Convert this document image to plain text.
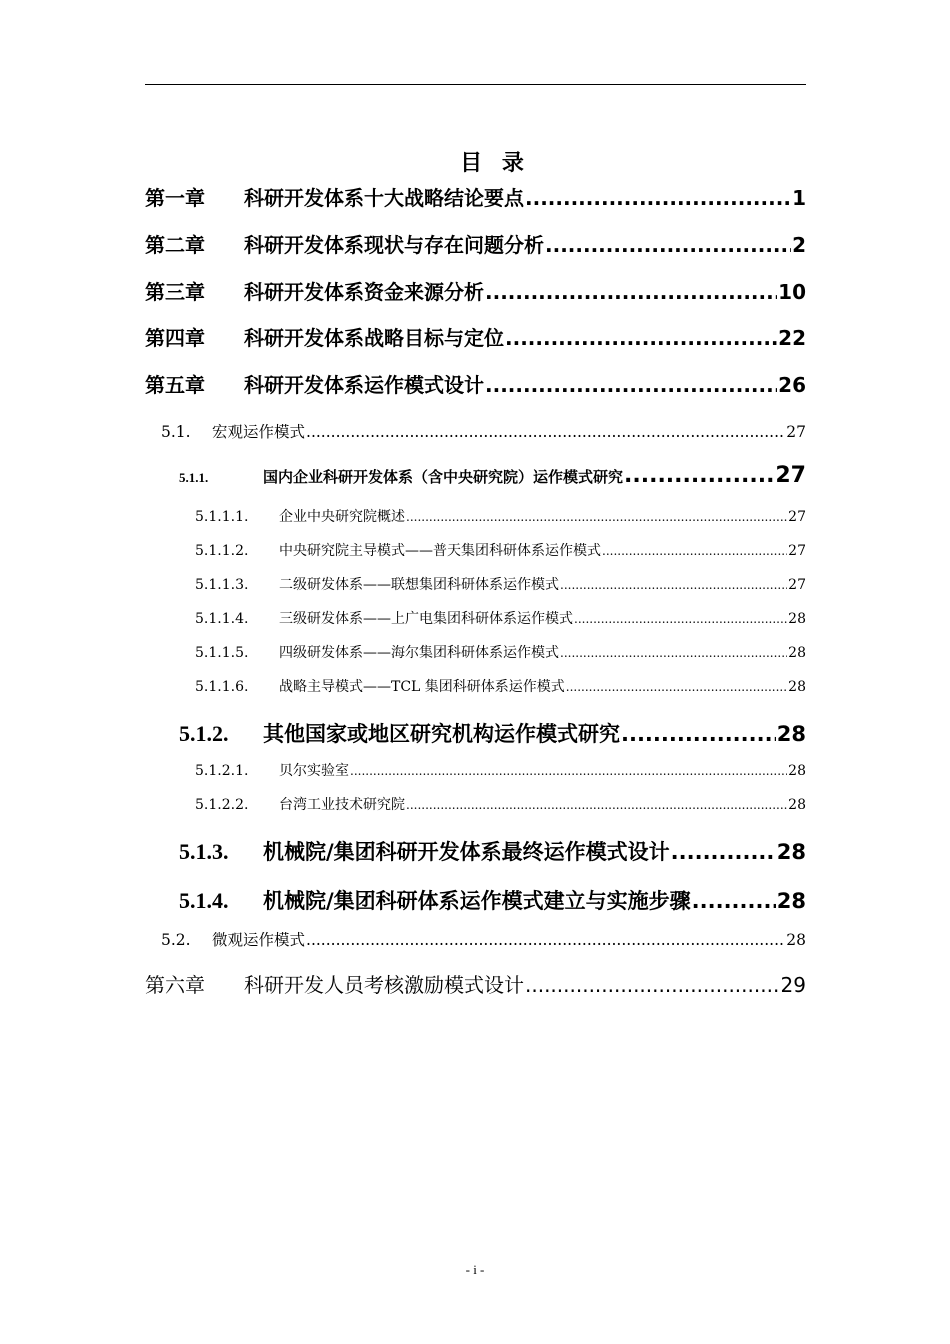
目 录
第一章	科研开发体系十大战略结论要点 .....	1
第二章	科研开发体系现状与存在问题分析 .....	2
第三章	科研开发体系资金来源分析 .....	10
第四章	科研开发体系战略目标与定位 .....	22
第五章	科研开发体系运作模式设计 .....	26
5.1.	宏观运作模式 .....	27
5.1.1.	国内企业科研开发体系（含中央研究院）运作模式研究 .....	27
5.1.1.1.	企业中央研究院概述 .....	27
5.1.1.2.	中央研究院主导模式——普天集团科研体系运作模式 .....	27
5.1.1.3.	二级研发体系——联想集团科研体系运作模式 .....	27
5.1.1.4.	三级研发体系——上广电集团科研体系运作模式 .....	28
5.1.1.5.	四级研发体系——海尔集团科研体系运作模式 .....	28
5.1.1.6.	战略主导模式——TCL 集团科研体系运作模式 .....	28
5.1.2.	其他国家或地区研究机构运作模式研究 .....	28
5.1.2.1.	贝尔实验室 .....	28
5.1.2.2.	台湾工业技术研究院 .....	28
5.1.3.	机械院/集团科研开发体系最终运作模式设计 .....	28
5.1.4.	机械院/集团科研体系运作模式建立与实施步骤 .....	28
5.2.	微观运作模式 .....	28
第六章	科研开发人员考核激励模式设计 .....	29
- i -
